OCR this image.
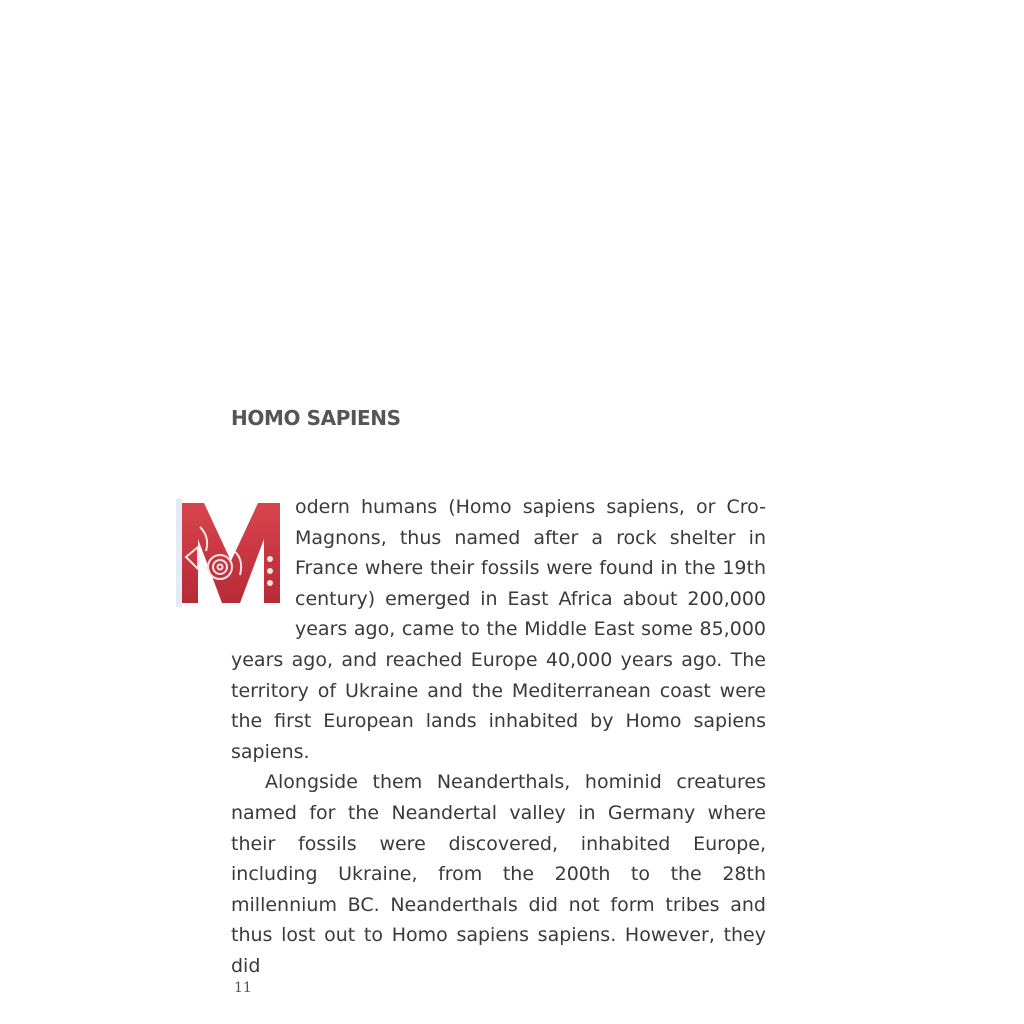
HOMO SAPIENS

odern humans (Homo sapiens sapiens, or Cro-Magnons, thus named after a rock shelter in France where their fossils were found in the 19th century) emerged in East Africa about 200,000 years ago, came to the Middle East some 85,000 years ago, and reached Europe 40,000 years ago. The territory of Ukraine and the Mediterranean coast were the first European lands inhabited by Homo sapiens sapiens.

Alongside them Neanderthals, hominid creatures named for the Neandertal valley in Germany where their fossils were discovered, inhabited Europe, including Ukraine, from the 200th to the 28th millennium BC. Neanderthals did not form tribes and thus lost out to Homo sapiens sapiens. However, they did

11
